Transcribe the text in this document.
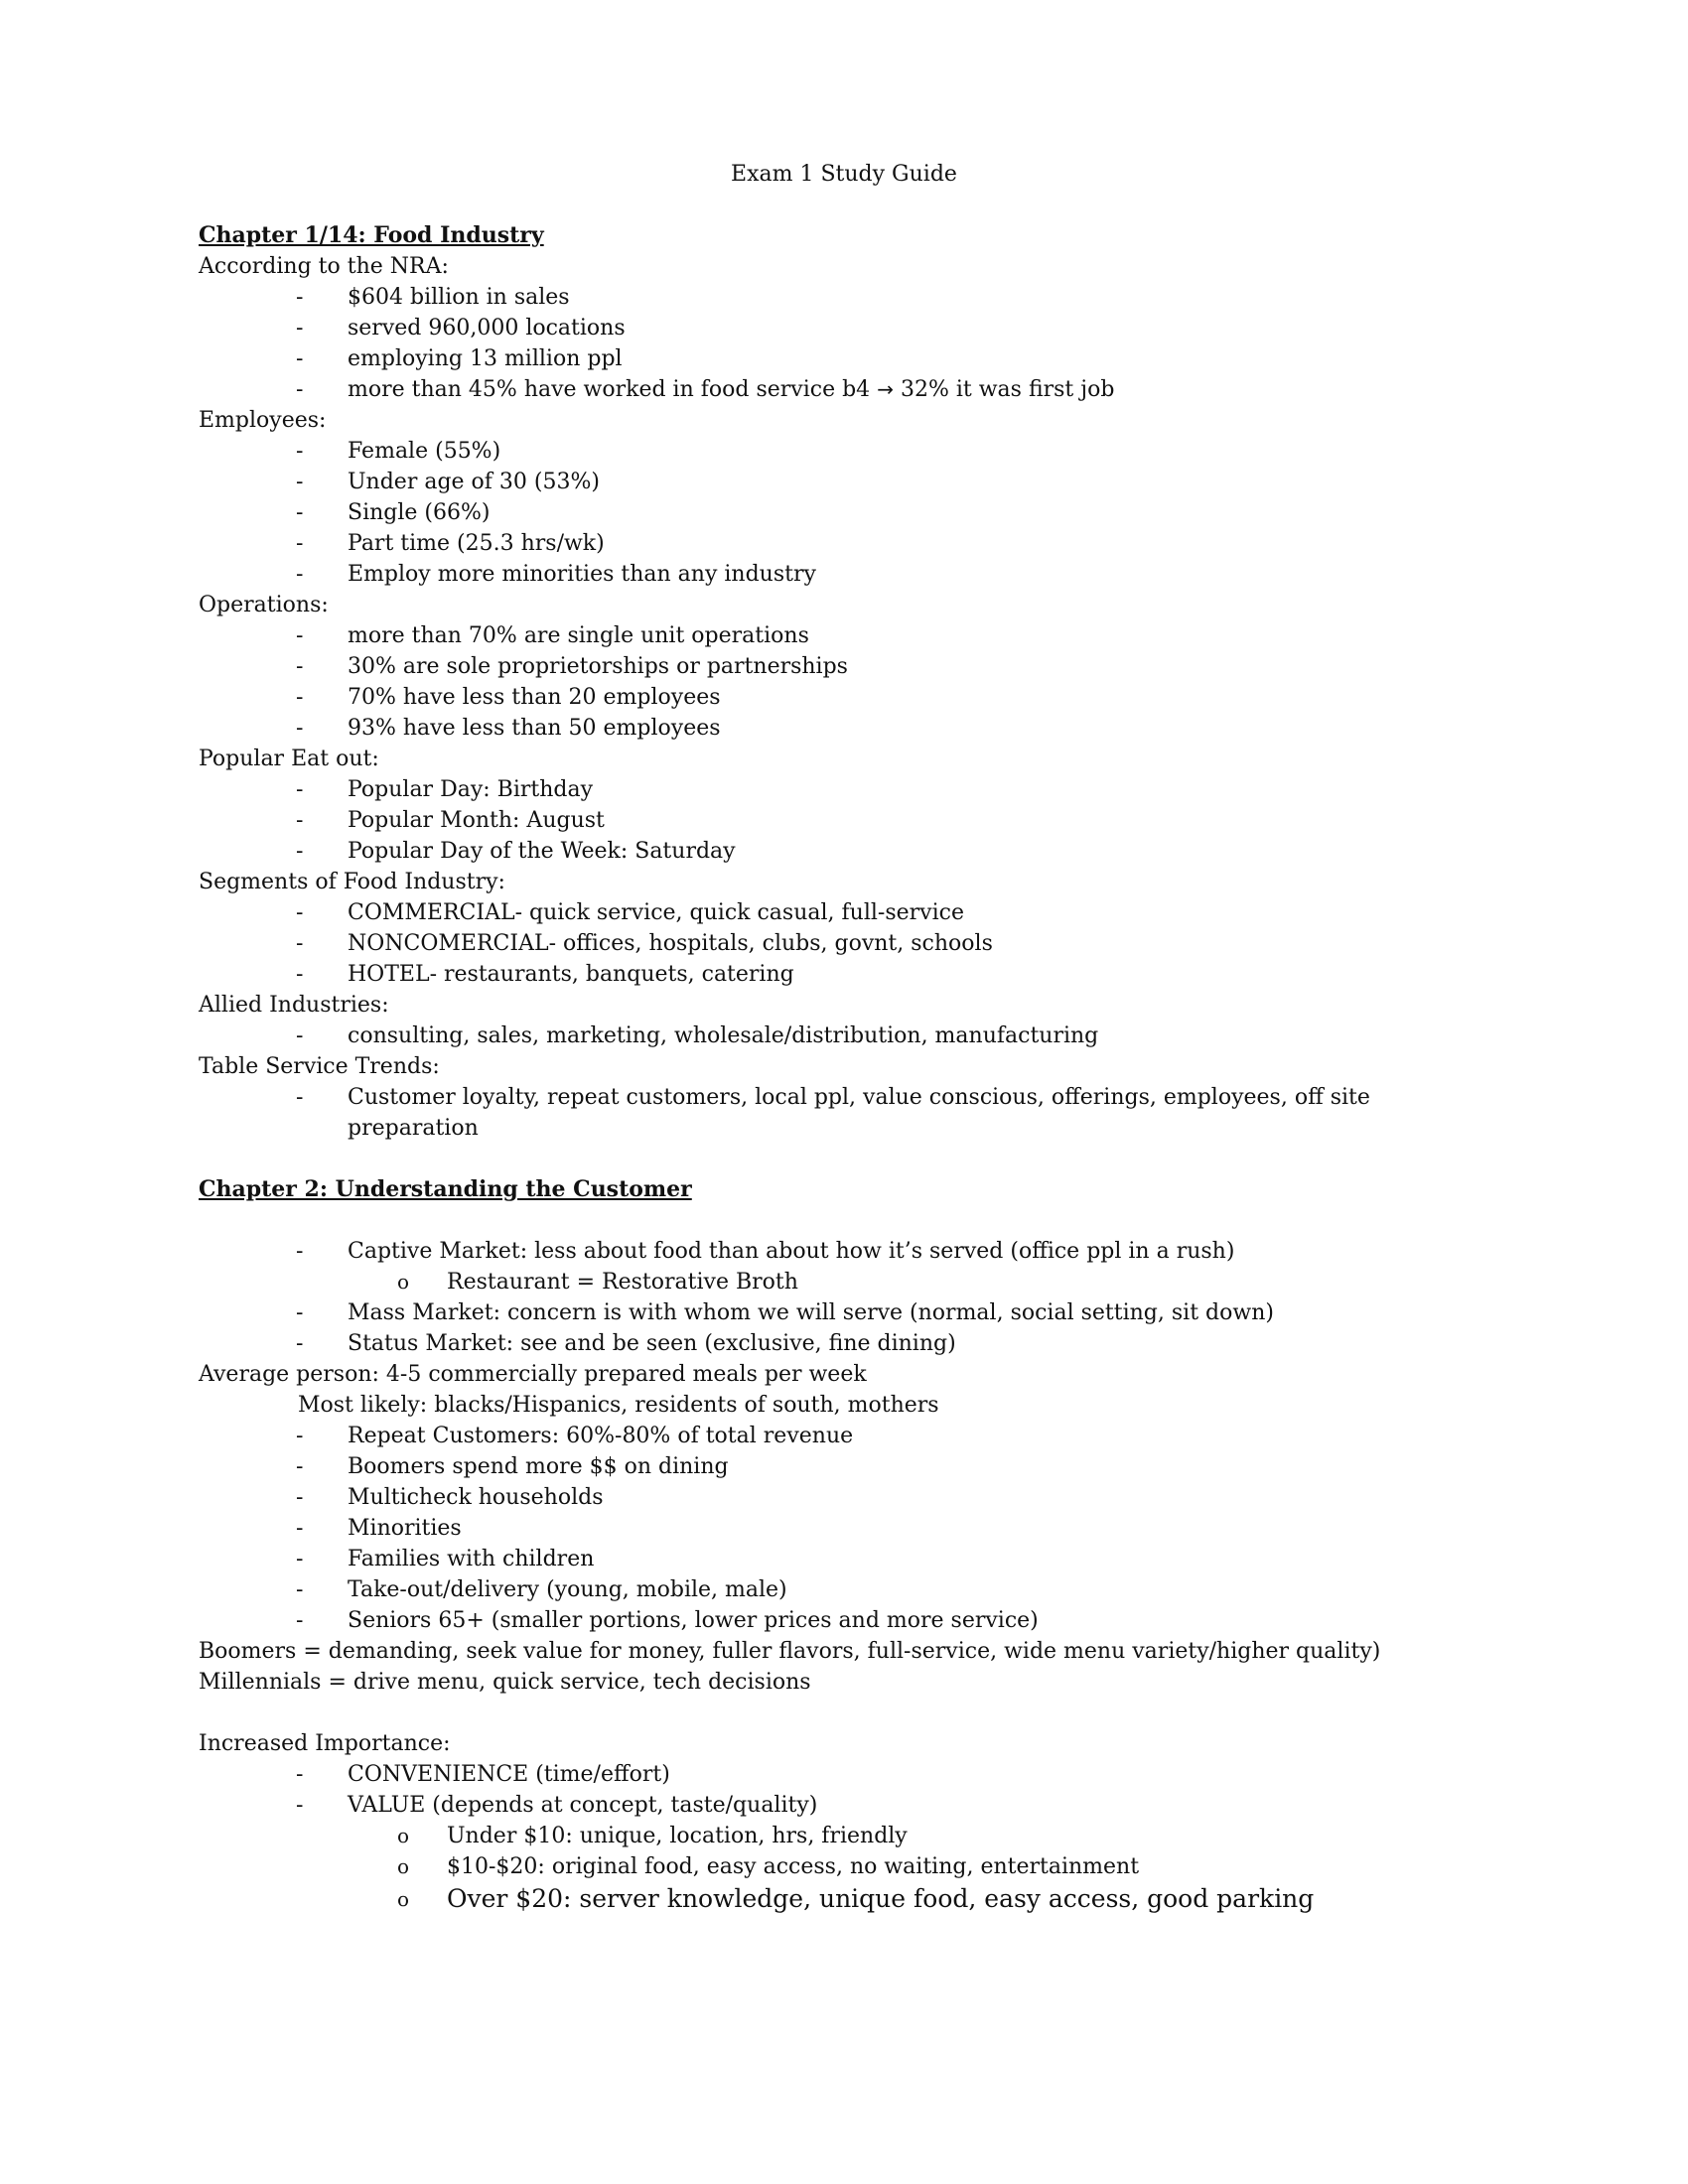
Exam 1 Study Guide
Chapter 1/14: Food Industry
According to the NRA:
- $604 billion in sales
- served 960,000 locations
- employing 13 million ppl
- more than 45% have worked in food service b4 → 32% it was first job
Employees:
- Female (55%)
- Under age of 30 (53%)
- Single (66%)
- Part time (25.3 hrs/wk)
- Employ more minorities than any industry
Operations:
- more than 70% are single unit operations
- 30% are sole proprietorships or partnerships
- 70% have less than 20 employees
- 93% have less than 50 employees
Popular Eat out:
- Popular Day: Birthday
- Popular Month: August
- Popular Day of the Week: Saturday
Segments of Food Industry:
- COMMERCIAL- quick service, quick casual, full-service
- NONCOMERCIAL- offices, hospitals, clubs, govnt, schools
- HOTEL- restaurants, banquets, catering
Allied Industries:
- consulting, sales, marketing, wholesale/distribution, manufacturing
Table Service Trends:
- Customer loyalty, repeat customers, local ppl, value conscious, offerings, employees, off site preparation
Chapter 2: Understanding the Customer
- Captive Market: less about food than about how it’s served (office ppl in a rush)
o Restaurant = Restorative Broth
- Mass Market: concern is with whom we will serve (normal, social setting, sit down)
- Status Market: see and be seen (exclusive, fine dining)
Average person: 4-5 commercially prepared meals per week
Most likely: blacks/Hispanics, residents of south, mothers
- Repeat Customers: 60%-80% of total revenue
- Boomers spend more $$ on dining
- Multicheck households
- Minorities
- Families with children
- Take-out/delivery (young, mobile, male)
- Seniors 65+ (smaller portions, lower prices and more service)
Boomers = demanding, seek value for money, fuller flavors, full-service, wide menu variety/higher quality)
Millennials = drive menu, quick service, tech decisions
Increased Importance:
- CONVENIENCE (time/effort)
- VALUE (depends at concept, taste/quality)
o Under $10: unique, location, hrs, friendly
o $10-$20: original food, easy access, no waiting, entertainment
o Over $20: server knowledge, unique food, easy access, good parking
